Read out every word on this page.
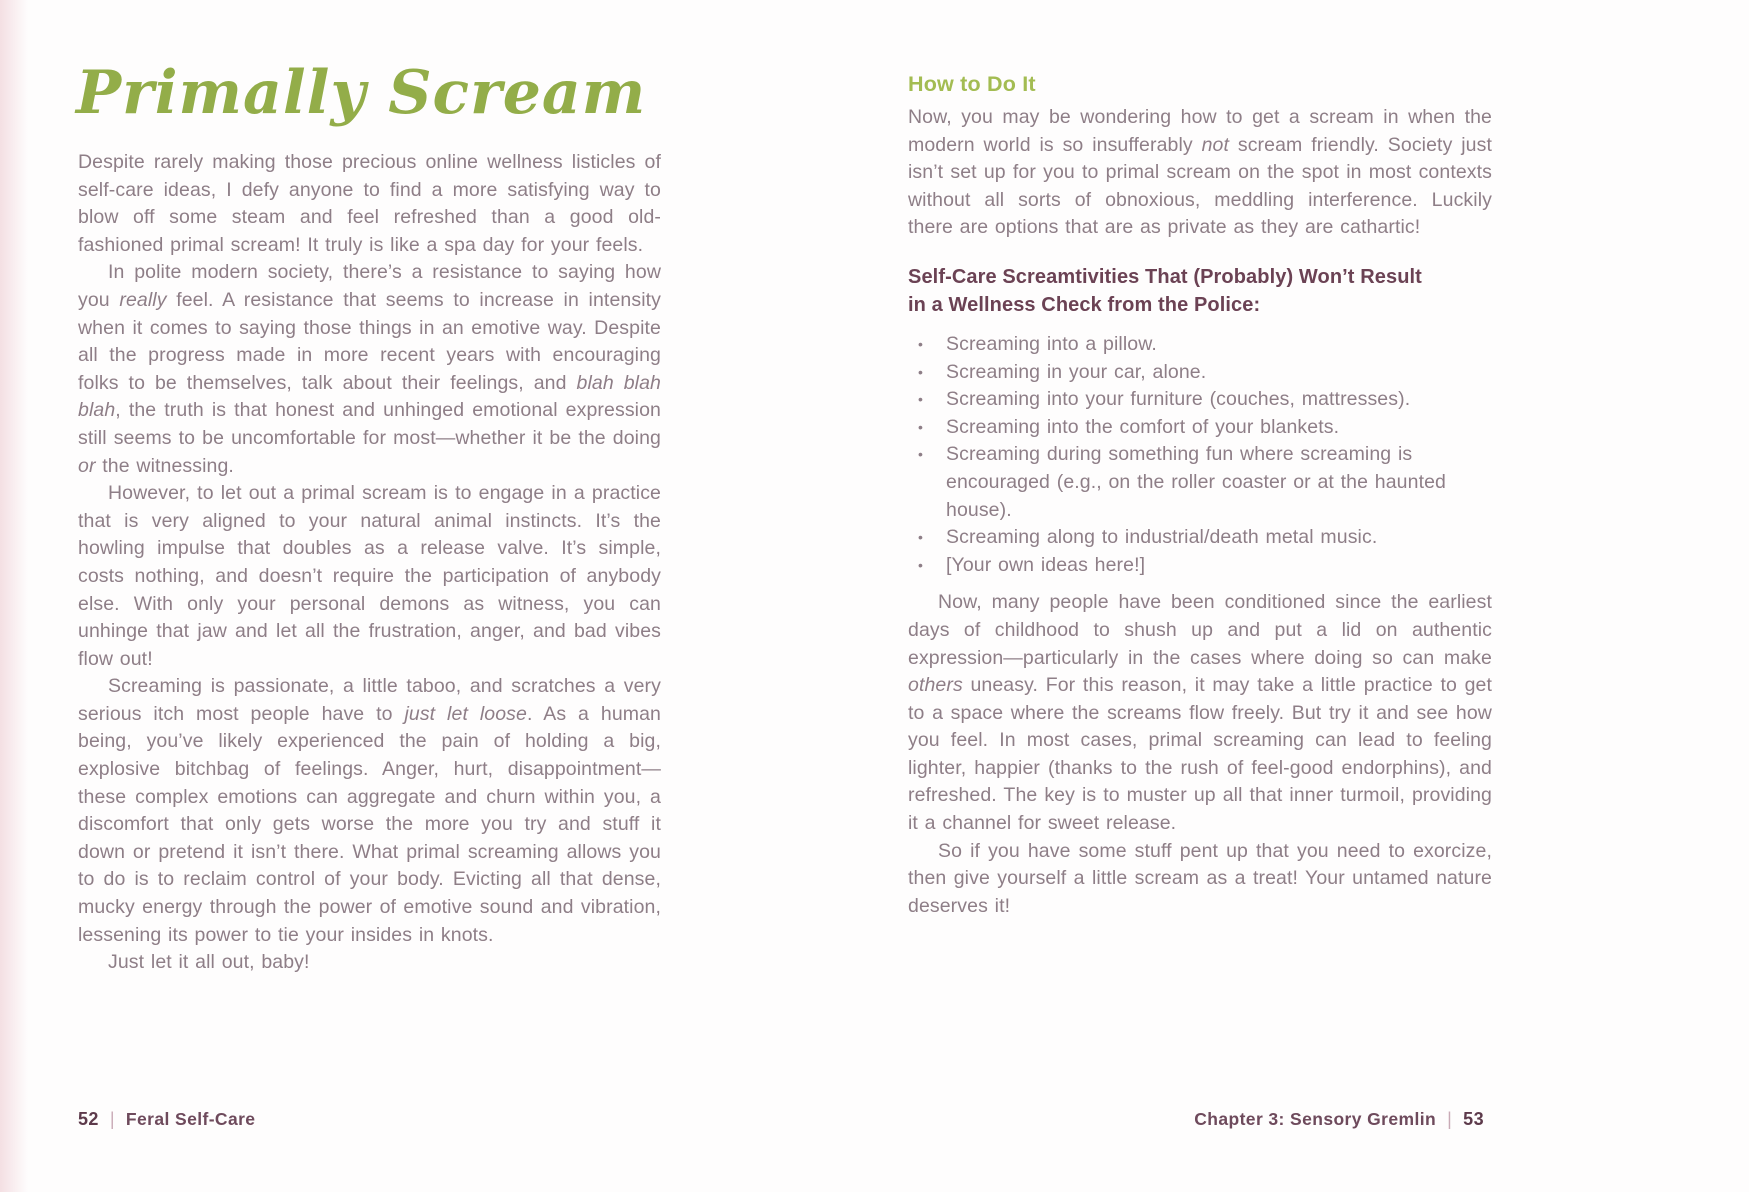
Primally Scream

Despite rarely making those precious online wellness listicles of self-care ideas, I defy anyone to find a more satisfying way to blow off some steam and feel refreshed than a good old-fashioned primal scream! It truly is like a spa day for your feels.

In polite modern society, there’s a resistance to saying how you really feel. A resistance that seems to increase in intensity when it comes to saying those things in an emotive way. Despite all the progress made in more recent years with encouraging folks to be themselves, talk about their feelings, and blah blah blah, the truth is that honest and unhinged emotional expression still seems to be uncomfortable for most—whether it be the doing or the witnessing.

However, to let out a primal scream is to engage in a practice that is very aligned to your natural animal instincts. It’s the howling impulse that doubles as a release valve. It’s simple, costs nothing, and doesn’t require the participation of anybody else. With only your personal demons as witness, you can unhinge that jaw and let all the frustration, anger, and bad vibes flow out!

Screaming is passionate, a little taboo, and scratches a very serious itch most people have to just let loose. As a human being, you’ve likely experienced the pain of holding a big, explosive bitchbag of feelings. Anger, hurt, disappointment—these complex emotions can aggregate and churn within you, a discomfort that only gets worse the more you try and stuff it down or pretend it isn’t there. What primal screaming allows you to do is to reclaim control of your body. Evicting all that dense, mucky energy through the power of emotive sound and vibration, lessening its power to tie your insides in knots.

Just let it all out, baby!

52 | Feral Self-Care
How to Do It

Now, you may be wondering how to get a scream in when the modern world is so insufferably not scream friendly. Society just isn’t set up for you to primal scream on the spot in most contexts without all sorts of obnoxious, meddling interference. Luckily there are options that are as private as they are cathartic!

Self-Care Screamtivities That (Probably) Won’t Result
in a Wellness Check from the Police:
•	Screaming into a pillow.
•	Screaming in your car, alone.
•	Screaming into your furniture (couches, mattresses).
•	Screaming into the comfort of your blankets.
•	Screaming during something fun where screaming is encouraged (e.g., on the roller coaster or at the haunted house).
•	Screaming along to industrial/death metal music.
•	[Your own ideas here!]

Now, many people have been conditioned since the earliest days of childhood to shush up and put a lid on authentic expression—particularly in the cases where doing so can make others uneasy. For this reason, it may take a little practice to get to a space where the screams flow freely. But try it and see how you feel. In most cases, primal screaming can lead to feeling lighter, happier (thanks to the rush of feel-good endorphins), and refreshed. The key is to muster up all that inner turmoil, providing it a channel for sweet release.

So if you have some stuff pent up that you need to exorcize, then give yourself a little scream as a treat! Your untamed nature deserves it!

Chapter 3: Sensory Gremlin | 53
